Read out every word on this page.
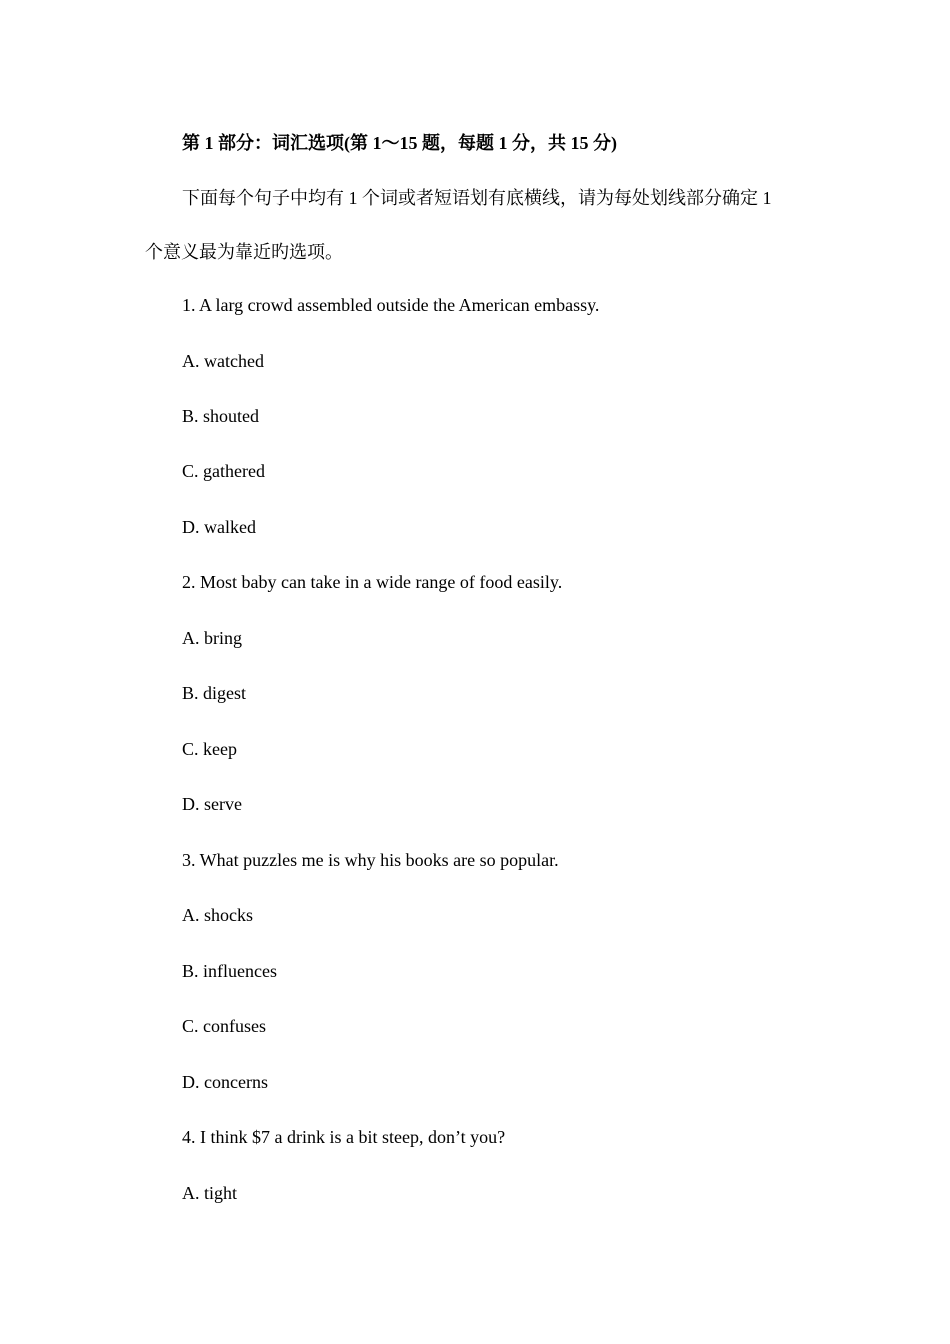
第 1 部分：词汇选项(第 1～15 题，每题 1 分，共 15 分)
下面每个句子中均有 1 个词或者短语划有底横线，请为每处划线部分确定 1
个意义最为靠近旳选项。
1. A larg crowd assembled outside the American embassy.
A. watched
B. shouted
C. gathered
D. walked
2. Most baby can take in a wide range of food easily.
A. bring
B. digest
C. keep
D. serve
3. What puzzles me is why his books are so popular.
A. shocks
B. influences
C. confuses
D. concerns
4. I think $7 a drink is a bit steep, don’t you?
A. tight
